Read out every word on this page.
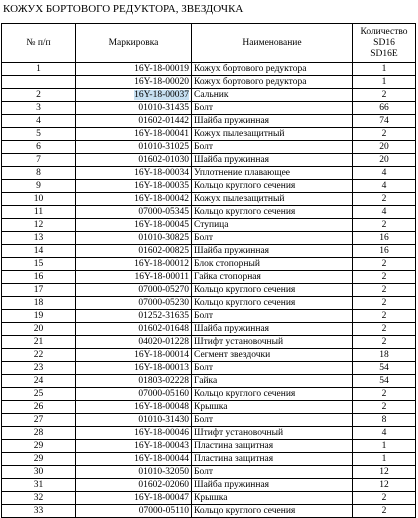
КОЖУХ БОРТОВОГО РЕДУКТОРА, ЗВЕЗДОЧКА
№ п/п	Маркировка	Наименование	Количество
SD16
SD16E

1	16Y-18-00019	Кожух бортового редуктора	1
	16Y-18-00020	Кожух бортового редуктора	1
2	16Y-18-00037	Сальник	2
3	01010-31435	Болт	66
4	01602-01442	Шайба пружинная	74
5	16Y-18-00041	Кожух пылезащитный	2
6	01010-31025	Болт	20
7	01602-01030	Шайба пружинная	20
8	16Y-18-00034	Уплотнение плавающее	4
9	16Y-18-00035	Кольцо круглого сечения	4
10	16Y-18-00042	Кожух пылезащитный	2
11	07000-05345	Кольцо круглого сечения	4
12	16Y-18-00045	Ступица	2
13	01010-30825	Болт	16
14	01602-00825	Шайба пружинная	16
15	16Y-18-00012	Блок стопорный	2
16	16Y-18-00011	Гайка стопорная	2
17	07000-05270	Кольцо круглого сечения	2
18	07000-05230	Кольцо круглого сечения	2
19	01252-31635	Болт	2
20	01602-01648	Шайба пружинная	2
21	04020-01228	Штифт установочный	2
22	16Y-18-00014	Сегмент звездочки	18
23	16Y-18-00013	Болт	54
24	01803-02228	Гайка	54
25	07000-05160	Кольцо круглого сечения	2
26	16Y-18-00048	Крышка	2
27	01010-31430	Болт	8
28	16Y-18-00046	Штифт установочный	4
29	16Y-18-00043	Пластина защитная	1
29	16Y-18-00044	Пластина защитная	1
30	01010-32050	Болт	12
31	01602-02060	Шайба пружинная	12
32	16Y-18-00047	Крышка	2
33	07000-05110	Кольцо круглого сечения	2
